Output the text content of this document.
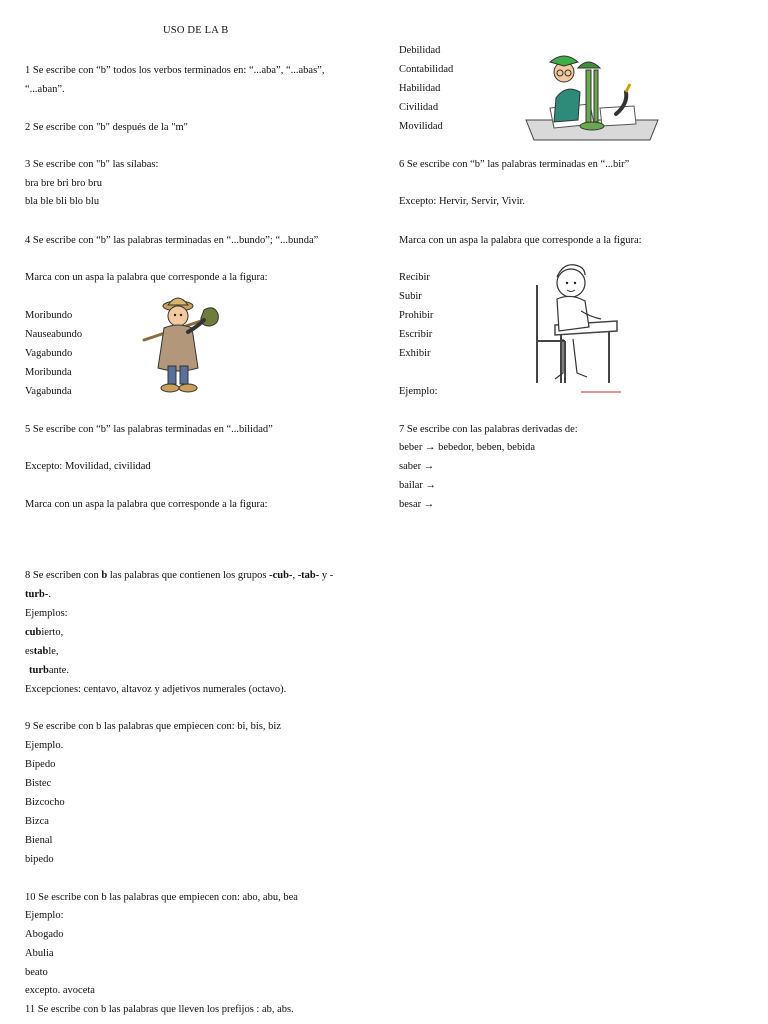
USO DE LA B
1 Se escribe con “b” todos los verbos terminados en: “...aba”, “...abas”,
“...aban”.
2 Se escribe con "b" después de la "m"
3 Se escribe con "b" las sílabas:
bra bre bri bro bru
bla ble bli blo blu
4 Se escribe con “b” las palabras terminadas en “...bundo”; “...bunda”
Marca con un aspa la palabra que corresponde a la figura:
Moribundo
Nauseabundo
Vagabundo
Moribunda
Vagabunda
5 Se escribe con “b” las palabras terminadas en “...bilidad”
Excepto: Movilidad, civilidad
Marca con un aspa la palabra que corresponde a la figura:
8 Se escriben con b las palabras que contienen los grupos -cub-, -tab- y -
turb-.
Ejemplos:
cubierto,
estable,
turbante.
Excepciones: centavo, altavoz y adjetivos numerales (octavo).
9 Se escribe con b las palabras que empiecen con: bi, bis, biz
Ejemplo.
Bípedo
Bistec
Bizcocho
Bizca
Bienal
bipedo
10 Se escribe con b las palabras que empiecen con: abo, abu, bea
Ejemplo:
Abogado
Abulia
beato
excepto. avoceta
11 Se escribe con b las palabras que lleven los prefijos : ab, abs.
Debilidad
Contabilidad
Habilidad
Civilidad
Movilidad
6 Se escribe con “b” las palabras terminadas en “...bir”
Excepto: Hervir, Servir, Vivir.
Marca con un aspa la palabra que corresponde a la figura:
Recibir
Subir
Prohibir
Escribir
Exhibir
Ejemplo:
7 Se escribe con las palabras derivadas de:
beber → bebedor, beben, bebida
saber →
bailar →
besar →
